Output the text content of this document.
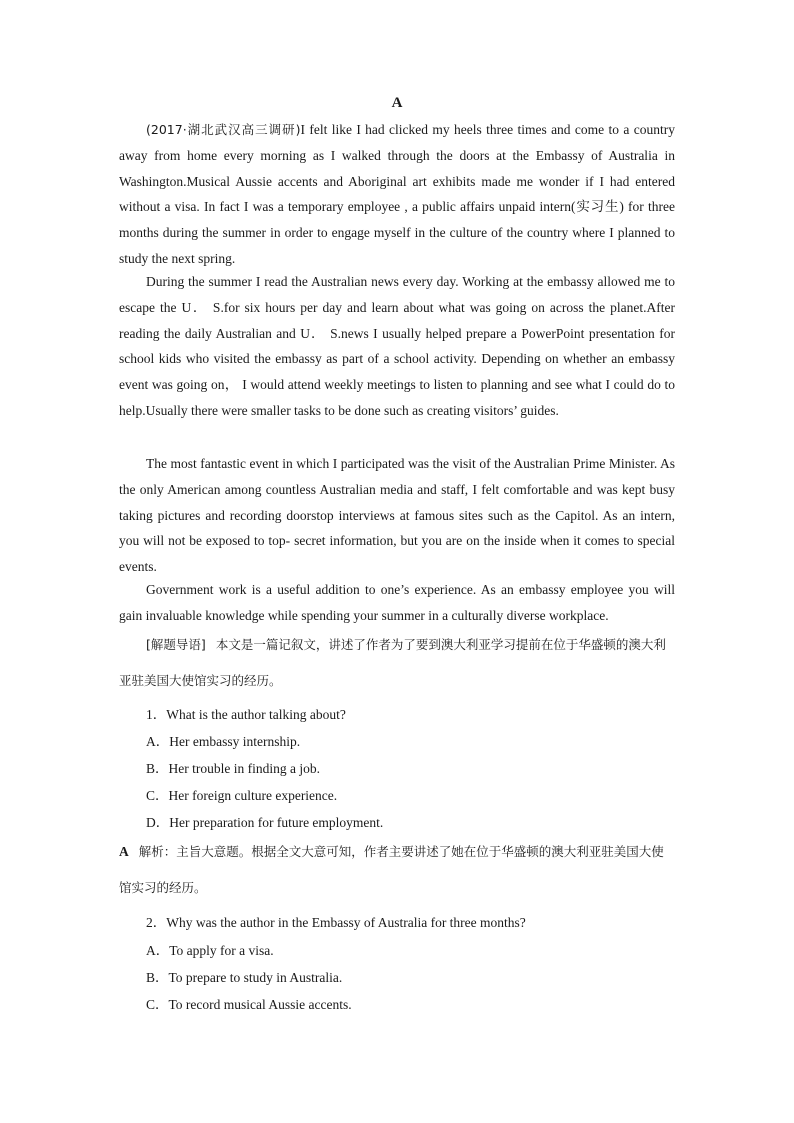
A

(2017·湖北武汉高三调研)I felt like I had clicked my heels three times and come to a country away from home every morning as I walked through the doors at the Embassy of Australia in Washington.Musical Aussie accents and Aboriginal art exhibits made me wonder if I had entered without a visa. In fact I was a temporary employee , a public affairs unpaid intern(实习生) for three months during the summer in order to engage myself in the culture of the country where I planned to study the next spring.

During the summer I read the Australian news every day. Working at the embassy allowed me to escape the U． S.for six hours per day and learn about what was going on across the planet.After reading the daily Australian and U． S.news I usually helped prepare a PowerPoint presentation for school kids who visited the embassy as part of a school activity. Depending on whether an embassy event was going on， I would attend weekly meetings to listen to planning and see what I could do to help.Usually there were smaller tasks to be done such as creating visitors’ guides.

The most fantastic event in which I participated was the visit of the Australian Prime Minister. As the only American among countless Australian media and staff, I felt comfortable and was kept busy taking pictures and recording doorstop interviews at famous sites such as the Capitol. As an intern, you will not be exposed to top- secret information, but you are on the inside when it comes to special events.

Government work is a useful addition to one’s experience. As an embassy employee you will gain invaluable knowledge while spending your summer in a culturally diverse workplace.

[解题导语] 本文是一篇记叙文，讲述了作者为了要到澳大利亚学习提前在位于华盛顿的澳大利亚驻美国大使馆实习的经历。

1．What is the author talking about?

A．Her embassy internship.

B．Her trouble in finding a job.

C．Her foreign culture experience.

D．Her preparation for future employment.

A 解析：主旨大意题。根据全文大意可知，作者主要讲述了她在位于华盛顿的澳大利亚驻美国大使馆实习的经历。

2．Why was the author in the Embassy of Australia for three months?

A．To apply for a visa.

B．To prepare to study in Australia.

C．To record musical Aussie accents.
